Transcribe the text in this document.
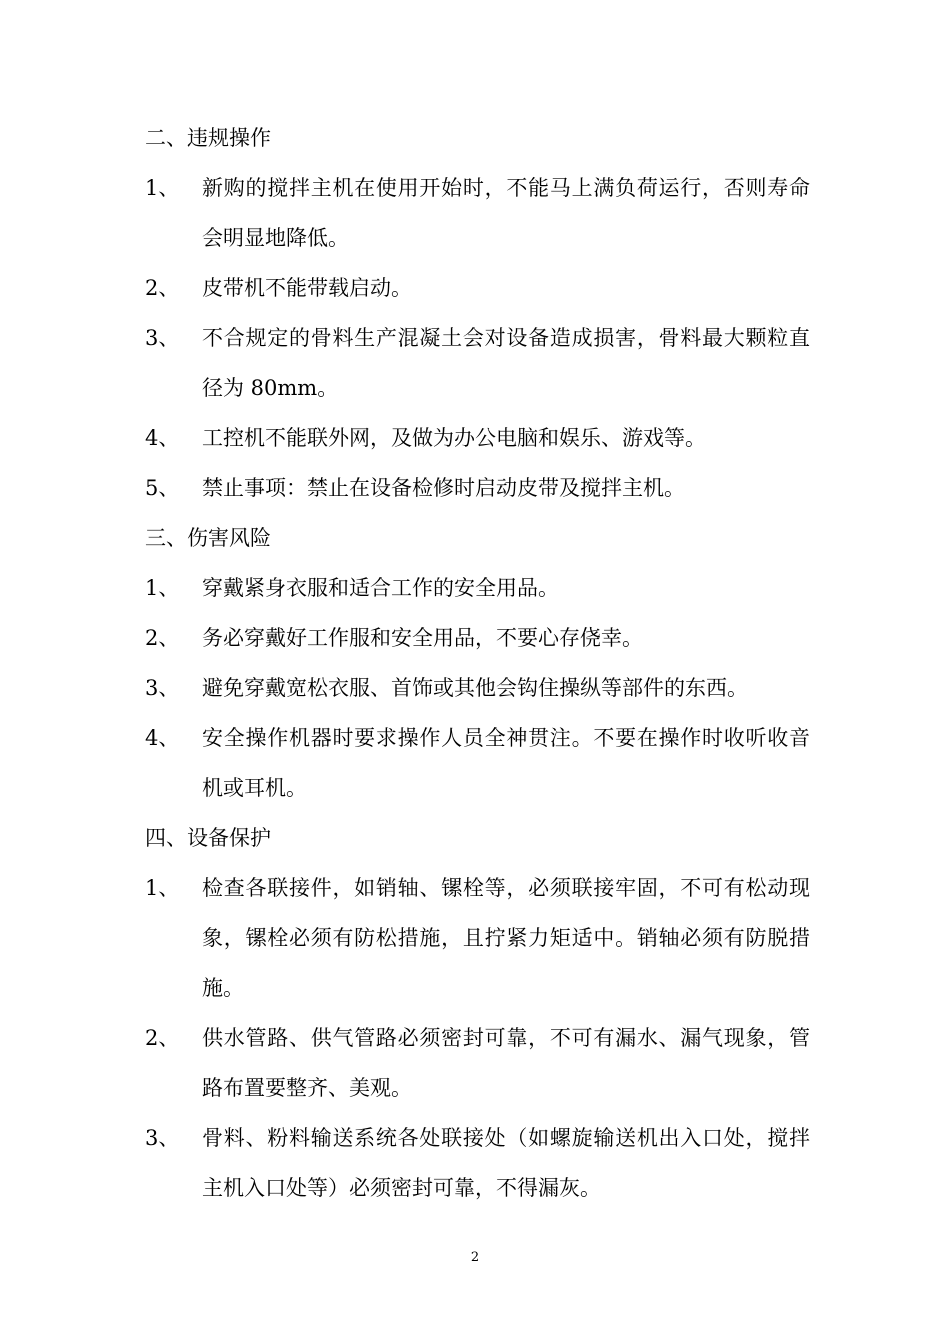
二、违规操作
1、	新购的搅拌主机在使用开始时，不能马上满负荷运行，否则寿命会明显地降低。
2、	皮带机不能带载启动。
3、	不合规定的骨料生产混凝土会对设备造成损害，骨料最大颗粒直径为 80mm。
4、	工控机不能联外网，及做为办公电脑和娱乐、游戏等。
5、	禁止事项：禁止在设备检修时启动皮带及搅拌主机。
三、伤害风险
1、	穿戴紧身衣服和适合工作的安全用品。
2、	务必穿戴好工作服和安全用品，不要心存侥幸。
3、	避免穿戴宽松衣服、首饰或其他会钩住操纵等部件的东西。
4、	安全操作机器时要求操作人员全神贯注。不要在操作时收听收音机或耳机。
四、设备保护
1、	检查各联接件，如销轴、镙栓等，必须联接牢固，不可有松动现象，镙栓必须有防松措施，且拧紧力矩适中。销轴必须有防脱措施。
2、	供水管路、供气管路必须密封可靠，不可有漏水、漏气现象，管路布置要整齐、美观。
3、	骨料、粉料输送系统各处联接处（如螺旋输送机出入口处，搅拌主机入口处等）必须密封可靠，不得漏灰。
2
